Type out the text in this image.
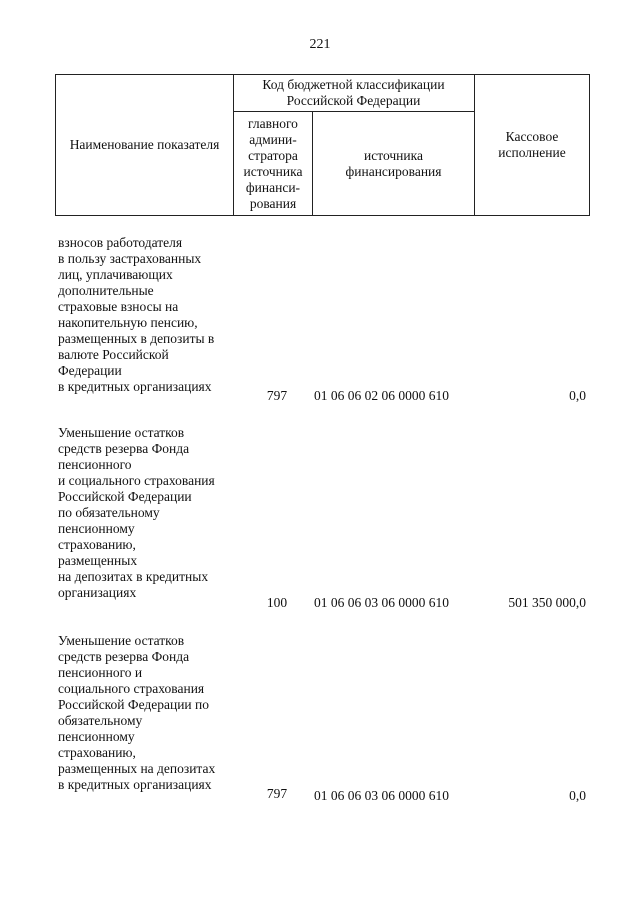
221
Наименование показателя
Код бюджетной классификации Российской Федерации
главного админи-стратора источника финанси-рования
источника финансирования
Кассовое исполнение
взносов работодателя
в пользу застрахованных
лиц, уплачивающих
дополнительные
страховые взносы на
накопительную пенсию,
размещенных в депозиты в
валюте Российской
Федерации
в кредитных организациях
797	01 06 06 02 06 0000 610	0,0
Уменьшение остатков
средств резерва Фонда
пенсионного
и социального страхования
Российской Федерации
по обязательному
пенсионному
страхованию,
размещенных
на депозитах в кредитных
организациях
100	01 06 06 03 06 0000 610	501 350 000,0
Уменьшение остатков
средств резерва Фонда
пенсионного и
социального страхования
Российской Федерации по
обязательному
пенсионному
страхованию,
размещенных на депозитах
в кредитных организациях
797	01 06 06 03 06 0000 610	0,0
